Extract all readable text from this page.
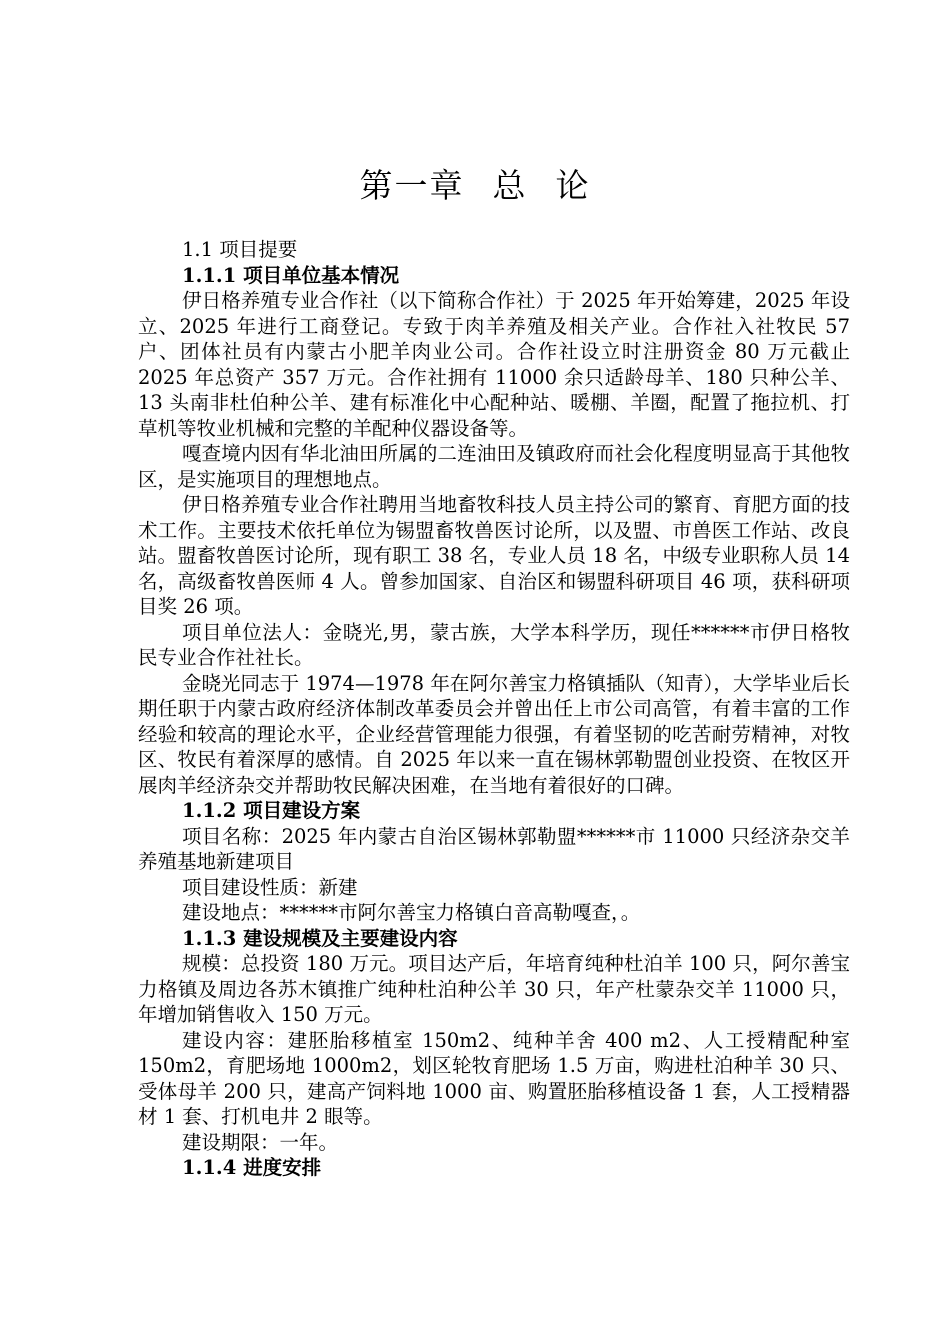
第一章 总 论

1.1 项目提要

1.1.1 项目单位基本情况

伊日格养殖专业合作社（以下简称合作社）于 2025 年开始筹建，2025 年设立、2025 年进行工商登记。专致于肉羊养殖及相关产业。合作社入社牧民 57 户、团体社员有内蒙古小肥羊肉业公司。合作社设立时注册资金 80 万元截止 2025 年总资产 357 万元。合作社拥有 11000 余只适龄母羊、180 只种公羊、13 头南非杜伯种公羊、建有标准化中心配种站、暖棚、羊圈，配置了拖拉机、打草机等牧业机械和完整的羊配种仪器设备等。

嘎查境内因有华北油田所属的二连油田及镇政府而社会化程度明显高于其他牧区，是实施项目的理想地点。

伊日格养殖专业合作社聘用当地畜牧科技人员主持公司的繁育、育肥方面的技术工作。主要技术依托单位为锡盟畜牧兽医讨论所，以及盟、市兽医工作站、改良站。盟畜牧兽医讨论所，现有职工 38 名，专业人员 18 名，中级专业职称人员 14 名，高级畜牧兽医师 4 人。曾参加国家、自治区和锡盟科研项目 46 项，获科研项目奖 26 项。

项目单位法人：金晓光,男，蒙古族，大学本科学历，现任******市伊日格牧民专业合作社社长。

金晓光同志于 1974—1978 年在阿尔善宝力格镇插队（知青），大学毕业后长期任职于内蒙古政府经济体制改革委员会并曾出任上市公司高管，有着丰富的工作经验和较高的理论水平，企业经营管理能力很强，有着坚韧的吃苦耐劳精神，对牧区、牧民有着深厚的感情。自 2025 年以来一直在锡林郭勒盟创业投资、在牧区开展肉羊经济杂交并帮助牧民解决困难，在当地有着很好的口碑。

1.1.2 项目建设方案

项目名称：2025 年内蒙古自治区锡林郭勒盟******市 11000 只经济杂交羊养殖基地新建项目

项目建设性质：新建

建设地点：******市阿尔善宝力格镇白音高勒嘎查，。

1.1.3 建设规模及主要建设内容

规模：总投资 180 万元。项目达产后，年培育纯种杜泊羊 100 只，阿尔善宝力格镇及周边各苏木镇推广纯种杜泊种公羊 30 只，年产杜蒙杂交羊 11000 只，年增加销售收入 150 万元。

建设内容：建胚胎移植室 150m2、纯种羊舍 400 m2、人工授精配种室 150m2，育肥场地 1000m2，划区轮牧育肥场 1.5 万亩，购进杜泊种羊 30 只、受体母羊 200 只，建高产饲料地 1000 亩、购置胚胎移植设备 1 套，人工授精器材 1 套、打机电井 2 眼等。

建设期限：一年。

1.1.4 进度安排
